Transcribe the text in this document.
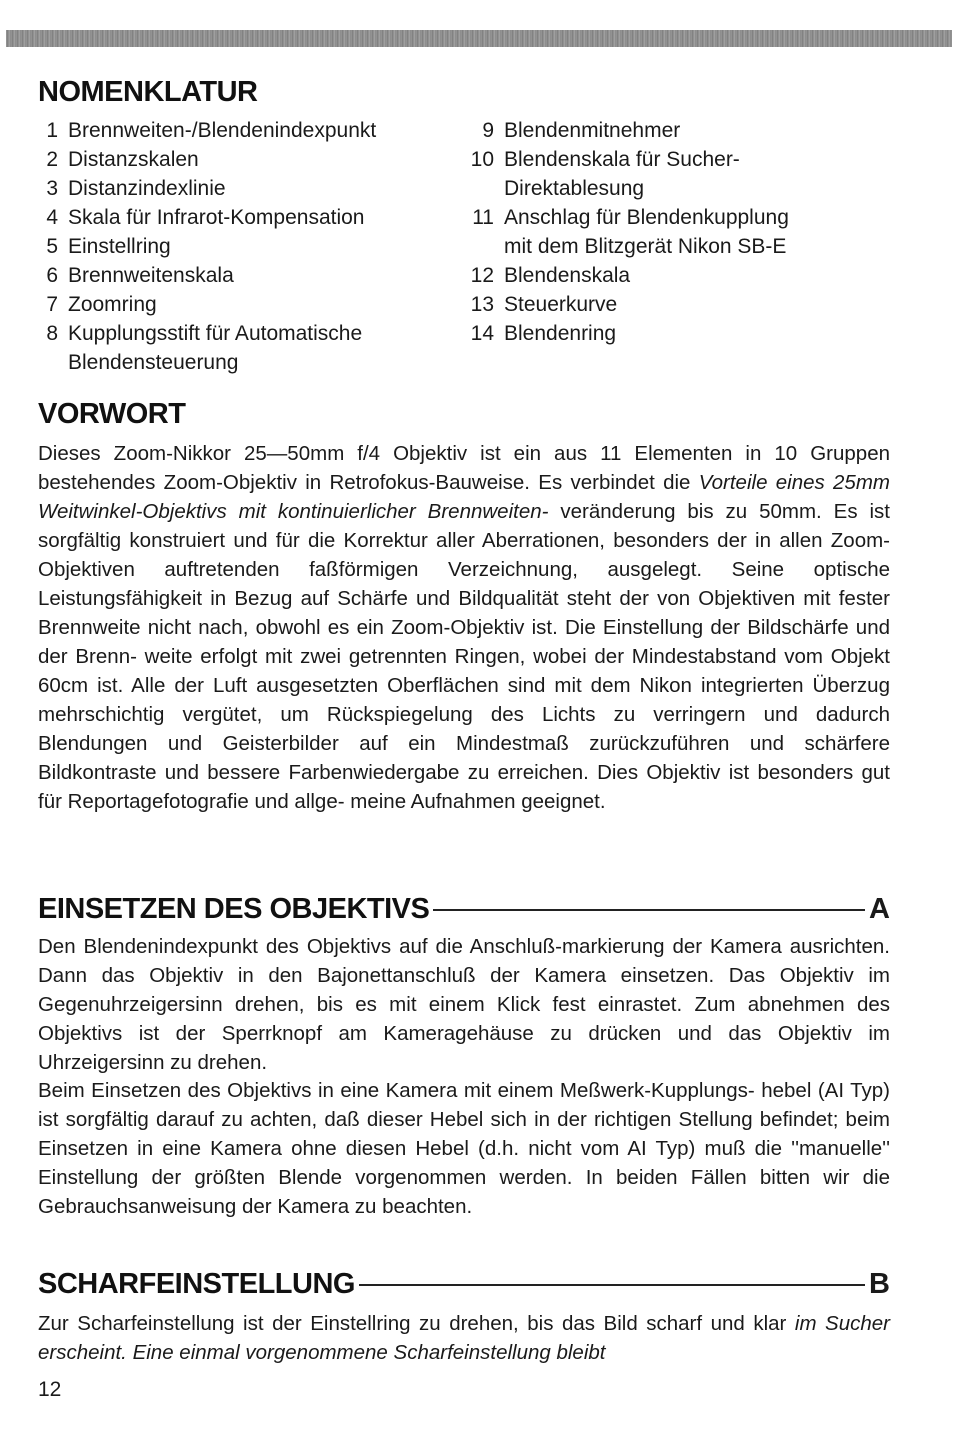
NOMENKLATUR
1 Brennweiten-/Blendenindexpunkt
2 Distanzskalen
3 Distanzindexlinie
4 Skala für Infrarot-Kompensation
5 Einstellring
6 Brennweitenskala
7 Zoomring
8 Kupplungsstift für Automatische
Blendensteuerung
9 Blendenmitnehmer
10 Blendenskala für Sucher-
Direktablesung
11 Anschlag für Blendenkupplung
mit dem Blitzgerät Nikon SB-E
12 Blendenskala
13 Steuerkurve
14 Blendenring
VORWORT

Dieses Zoom-Nikkor 25—50mm f/4 Objektiv ist ein aus 11 Elementen in 10 Gruppen bestehendes Zoom-Objektiv in Retrofokus-Bauweise. Es verbindet die Vorteile eines 25mm Weitwinkel-Objektivs mit kontinuierlicher Brennweiten- veränderung bis zu 50mm. Es ist sorgfältig konstruiert und für die Korrektur aller Aberrationen, besonders der in allen Zoom-Objektiven auftretenden faßförmigen Verzeichnung, ausgelegt. Seine optische Leistungsfähigkeit in Bezug auf Schärfe und Bildqualität steht der von Objektiven mit fester Brennweite nicht nach, obwohl es ein Zoom-Objektiv ist. Die Einstellung der Bildschärfe und der Brenn- weite erfolgt mit zwei getrennten Ringen, wobei der Mindestabstand vom Objekt 60cm ist. Alle der Luft ausgesetzten Oberflächen sind mit dem Nikon integrierten Überzug mehrschichtig vergütet, um Rückspiegelung des Lichts zu verringern und dadurch Blendungen und Geisterbilder auf ein Mindestmaß zurückzuführen und schärfere Bildkontraste und bessere Farbenwiedergabe zu erreichen. Dies Objektiv ist besonders gut für Reportagefotografie und allge- meine Aufnahmen geeignet.

EINSETZEN DES OBJEKTIVS	A

Den Blendenindexpunkt des Objektivs auf die Anschluß-markierung der Kamera ausrichten. Dann das Objektiv in den Bajonettanschluß der Kamera einsetzen. Das Objektiv im Gegenuhrzeigersinn drehen, bis es mit einem Klick fest einrastet. Zum abnehmen des Objektivs ist der Sperrknopf am Kameragehäuse zu drücken und das Objektiv im Uhrzeigersinn zu drehen.

Beim Einsetzen des Objektivs in eine Kamera mit einem Meßwerk-Kupplungs- hebel (AI Typ) ist sorgfältig darauf zu achten, daß dieser Hebel sich in der richtigen Stellung befindet; beim Einsetzen in eine Kamera ohne diesen Hebel (d.h. nicht vom AI Typ) muß die ''manuelle'' Einstellung der größten Blende vorgenommen werden. In beiden Fällen bitten wir die Gebrauchsanweisung der Kamera zu beachten.

SCHARFEINSTELLUNG	B

Zur Scharfeinstellung ist der Einstellring zu drehen, bis das Bild scharf und klar im Sucher erscheint. Eine einmal vorgenommene Scharfeinstellung bleibt

12
